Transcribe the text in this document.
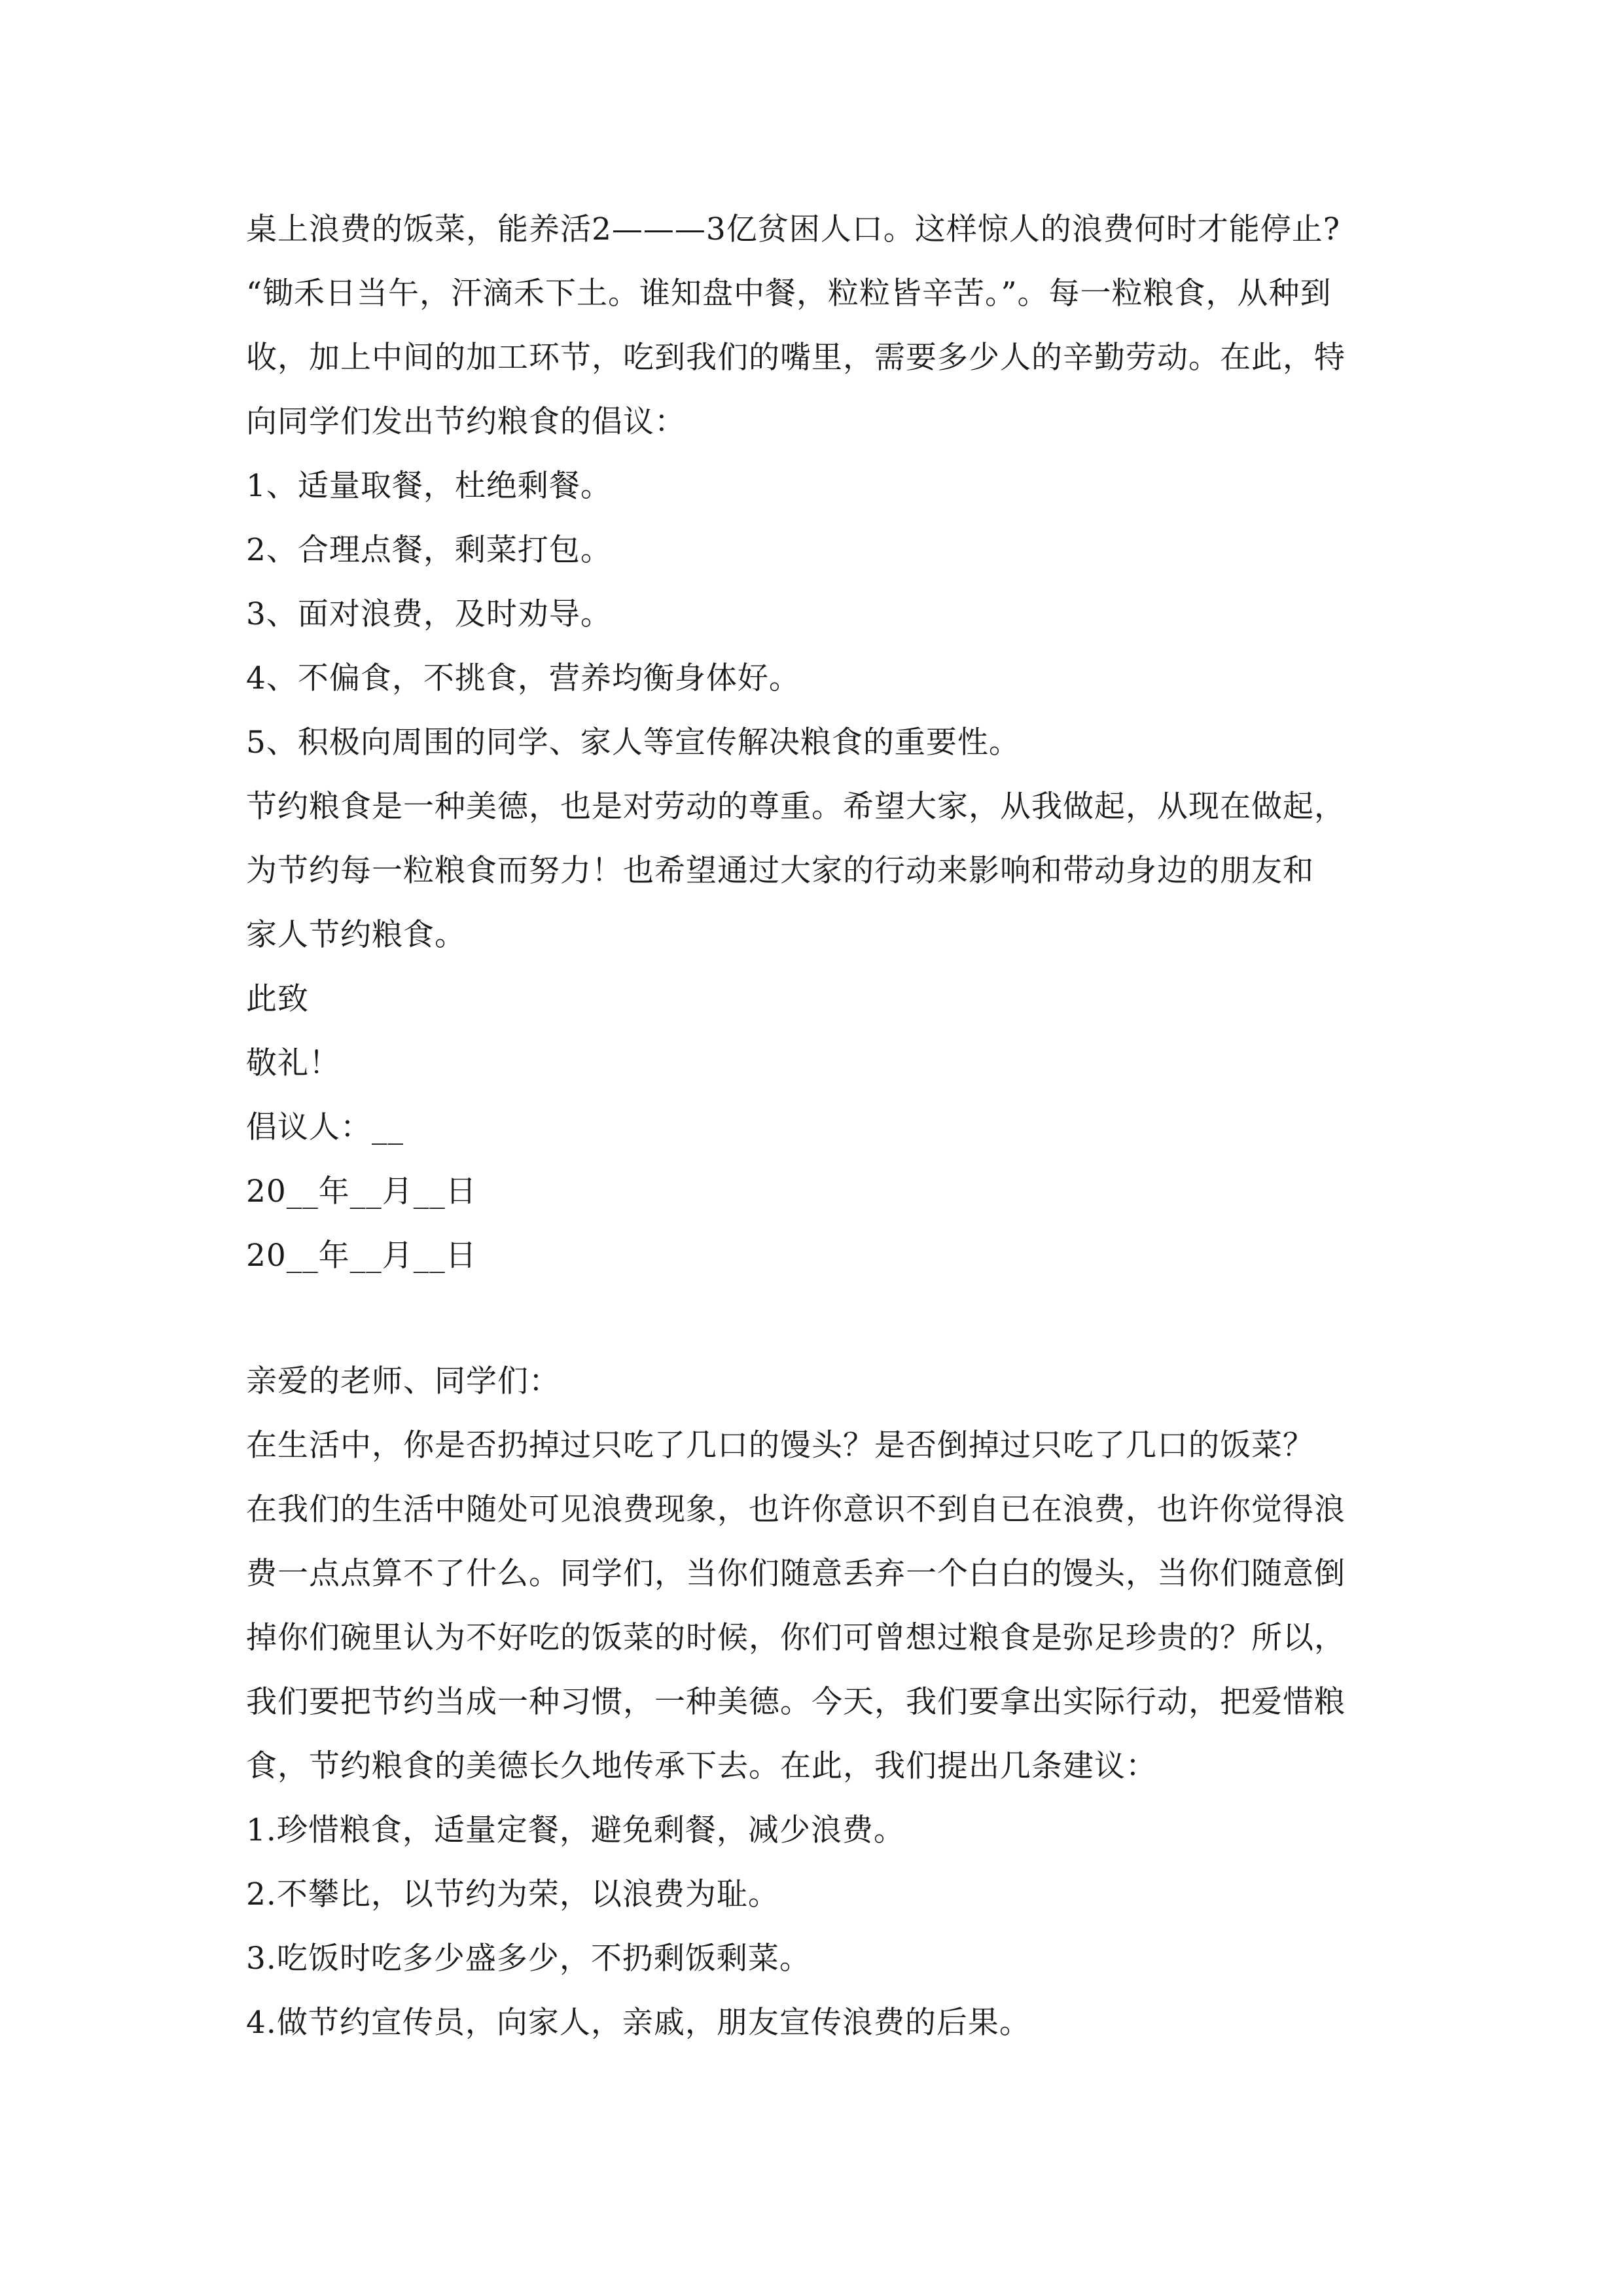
桌上浪费的饭菜，能养活2———3亿贫困人口。这样惊人的浪费何时才能停止?

“锄禾日当午，汗滴禾下土。谁知盘中餐，粒粒皆辛苦。”。每一粒粮食，从种到

收，加上中间的加工环节，吃到我们的嘴里，需要多少人的辛勤劳动。在此，特

向同学们发出节约粮食的倡议：

1、适量取餐，杜绝剩餐。

2、合理点餐，剩菜打包。

3、面对浪费，及时劝导。

4、不偏食，不挑食，营养均衡身体好。

5、积极向周围的同学、家人等宣传解决粮食的重要性。

节约粮食是一种美德，也是对劳动的尊重。希望大家，从我做起，从现在做起，

为节约每一粒粮食而努力！也希望通过大家的行动来影响和带动身边的朋友和

家人节约粮食。

此致

敬礼！

倡议人：__

20__年__月__日

20__年__月__日

亲爱的老师、同学们：

在生活中，你是否扔掉过只吃了几口的馒头？是否倒掉过只吃了几口的饭菜？

在我们的生活中随处可见浪费现象，也许你意识不到自已在浪费，也许你觉得浪

费一点点算不了什么。同学们，当你们随意丢弃一个白白的馒头，当你们随意倒

掉你们碗里认为不好吃的饭菜的时候，你们可曾想过粮食是弥足珍贵的？所以，

我们要把节约当成一种习惯，一种美德。今天，我们要拿出实际行动，把爱惜粮

食，节约粮食的美德长久地传承下去。在此，我们提出几条建议：

1.珍惜粮食，适量定餐，避免剩餐，减少浪费。

2.不攀比，以节约为荣，以浪费为耻。

3.吃饭时吃多少盛多少，不扔剩饭剩菜。

4.做节约宣传员，向家人，亲戚，朋友宣传浪费的后果。
